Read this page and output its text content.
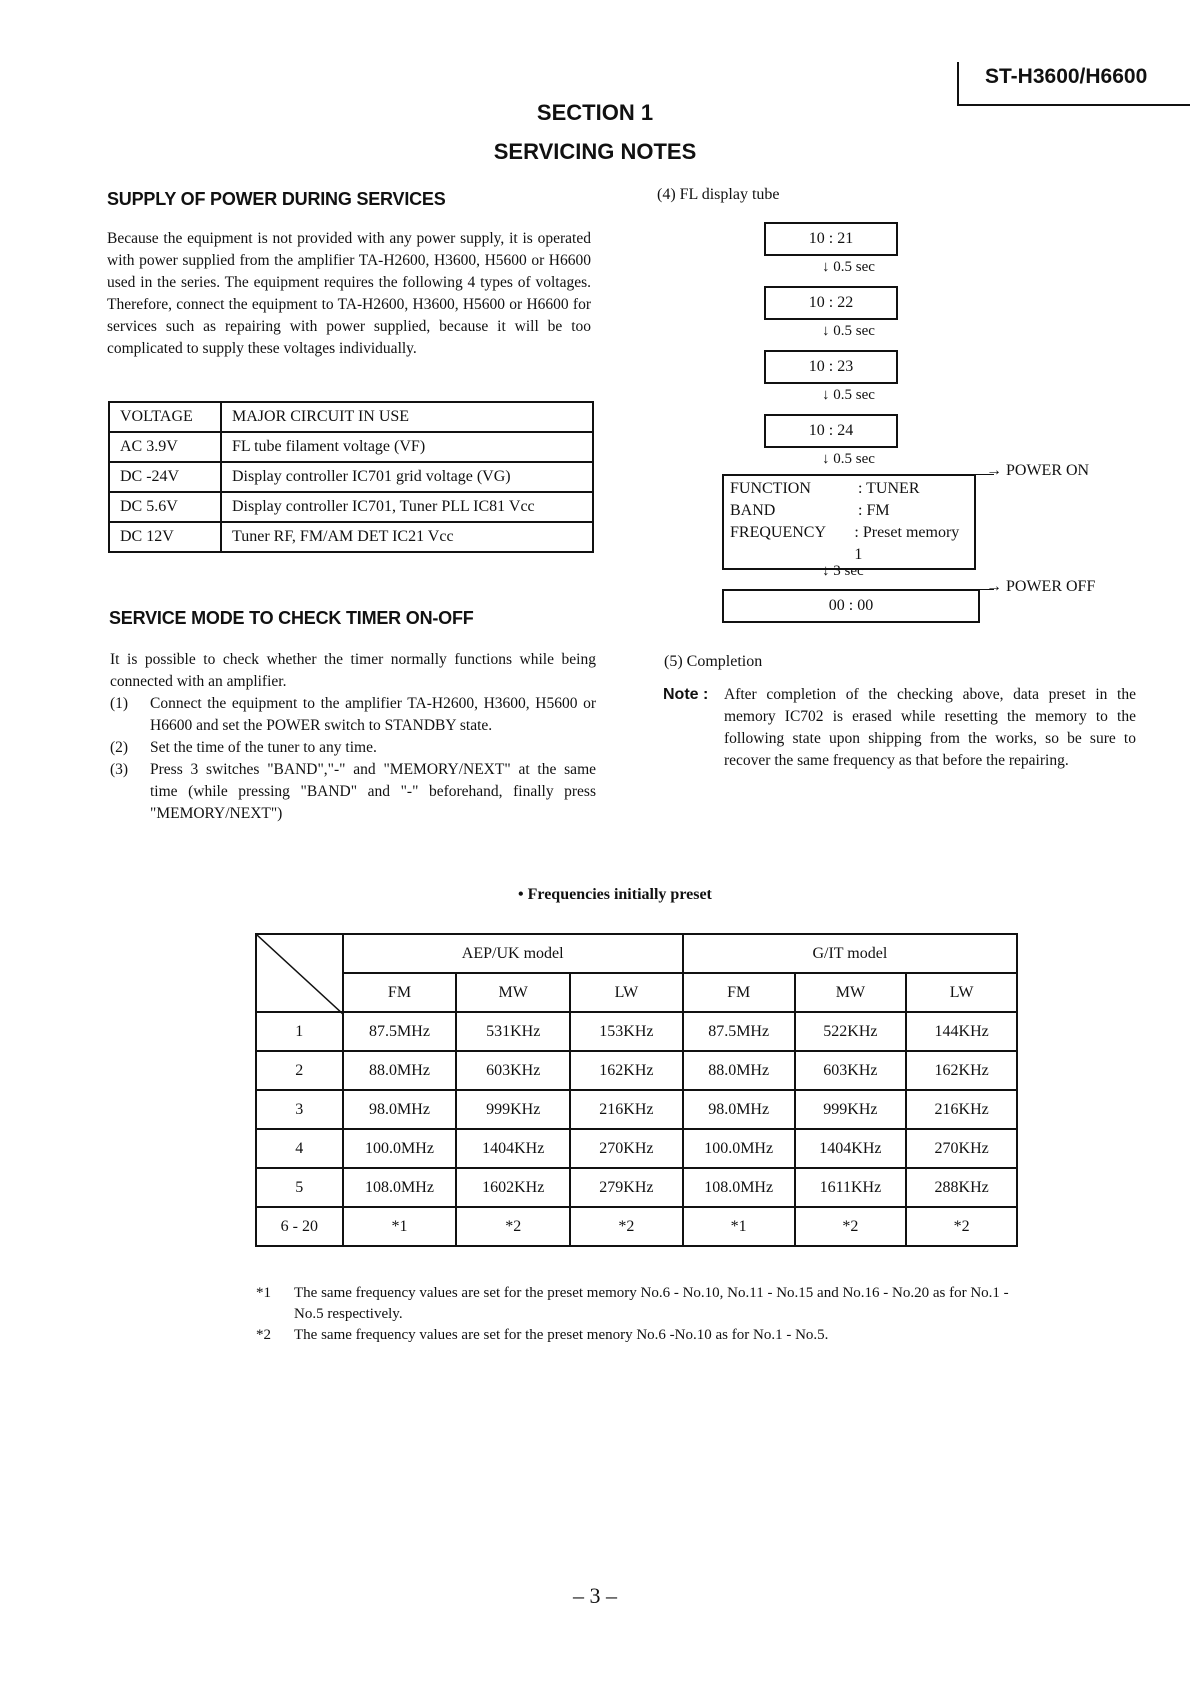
ST-H3600/H6600
SECTION 1
SERVICING NOTES
SUPPLY OF POWER DURING SERVICES
Because the equipment is not provided with any power supply, it is operated with power supplied from the amplifier TA-H2600, H3600, H5600 or H6600 used in the series. The equipment requires the following 4 types of voltages. Therefore, connect the equipment to TA-H2600, H3600, H5600 or H6600 for services such as repairing with power supplied, because it will be too complicated to supply these voltages individually.
VOLTAGE	MAJOR CIRCUIT IN USE
AC 3.9V	FL tube filament voltage (VF)
DC -24V	Display controller IC701 grid voltage (VG)
DC 5.6V	Display controller IC701, Tuner PLL IC81 Vcc
DC 12V	Tuner RF, FM/AM DET IC21 Vcc
SERVICE MODE TO CHECK TIMER ON-OFF
It is possible to check whether the timer normally functions while being connected with an amplifier.
(1)	Connect the equipment to the amplifier TA-H2600, H3600, H5600 or H6600 and set the POWER switch to STANDBY state.
(2)	Set the time of the tuner to any time.
(3)	Press 3 switches "BAND","-" and "MEMORY/NEXT" at the same time (while pressing "BAND" and "-" beforehand, finally press "MEMORY/NEXT")
(4) FL display tube
10 : 21
↓ 0.5 sec
10 : 22
↓ 0.5 sec
10 : 23
↓ 0.5 sec
10 : 24
↓ 0.5 sec
FUNCTION	: TUNER
BAND	: FM
FREQUENCY	: Preset memory 1
→ POWER ON
↓ 3 sec
00 : 00
→ POWER OFF
(5) Completion
Note : After completion of the checking above, data preset in the memory IC702 is erased while resetting the memory to the following state upon shipping from the works, so be sure to recover the same frequency as that before the repairing.
• Frequencies initially preset
	AEP/UK model			G/IT model		
	FM	MW	LW	FM	MW	LW
1	87.5MHz	531KHz	153KHz	87.5MHz	522KHz	144KHz
2	88.0MHz	603KHz	162KHz	88.0MHz	603KHz	162KHz
3	98.0MHz	999KHz	216KHz	98.0MHz	999KHz	216KHz
4	100.0MHz	1404KHz	270KHz	100.0MHz	1404KHz	270KHz
5	108.0MHz	1602KHz	279KHz	108.0MHz	1611KHz	288KHz
6 - 20	*1	*2	*2	*1	*2	*2
*1	The same frequency values are set for the preset memory No.6 - No.10, No.11 - No.15 and No.16 - No.20 as for No.1 - No.5 respectively.
*2	The same frequency values are set for the preset menory No.6 -No.10 as for No.1 - No.5.
– 3 –
